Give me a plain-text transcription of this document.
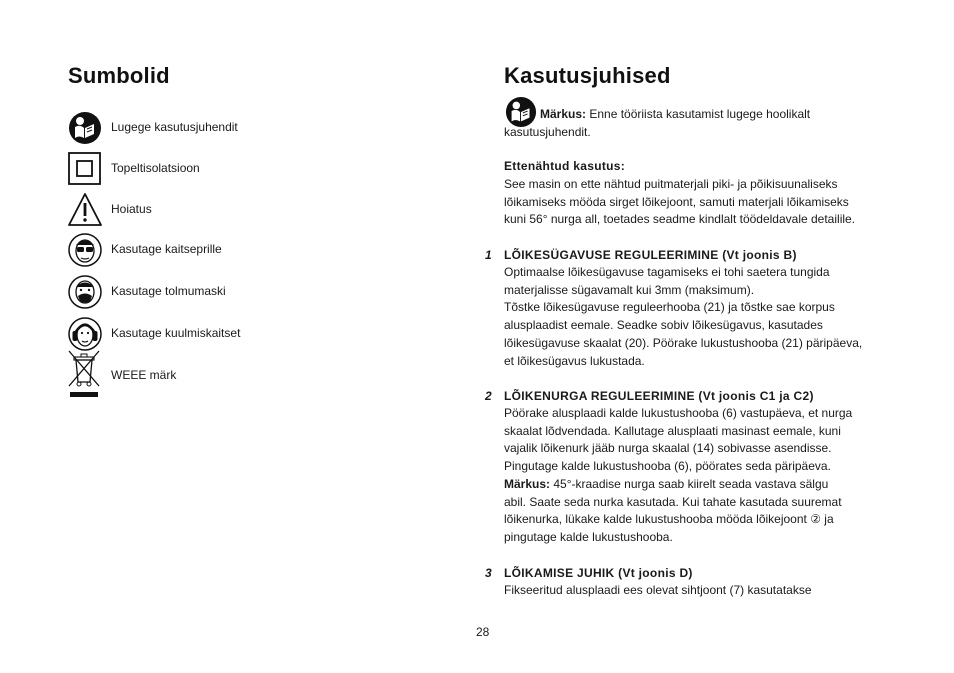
Sumbolid
Lugege kasutusjuhendit
Topeltisolatsioon
Hoiatus
Kasutage kaitseprille
Kasutage tolmumaski
Kasutage kuulmiskaitset
WEEE märk
Kasutusjuhised
Märkus: Enne tööriista kasutamist lugege hoolikalt
kasutusjuhendit.
Ettenähtud kasutus:
See masin on ette nähtud puitmaterjali piki- ja põikisuunaliseks
lõikamiseks mööda sirget lõikejoont, samuti materjali lõikamiseks
kuni 56° nurga all, toetades seadme kindlalt töödeldavale detailile.
1 LÕIKESÜGAVUSE REGULEERIMINE (Vt joonis B)
Optimaalse lõikesügavuse tagamiseks ei tohi saetera tungida
materjalisse sügavamalt kui 3mm (maksimum).
Tõstke lõikesügavuse reguleerhooba (21) ja tõstke sae korpus
alusplaadist eemale. Seadke sobiv lõikesügavus, kasutades
lõikesügavuse skaalat (20). Pöörake lukustushooba (21) päripäeva,
et lõikesügavus lukustada.
2 LÕIKENURGA REGULEERIMINE (Vt joonis C1 ja C2)
Pöörake alusplaadi kalde lukustushooba (6) vastupäeva, et nurga
skaalat lõdvendada. Kallutage alusplaati masinast eemale, kuni
vajalik lõikenurk jääb nurga skaalal (14) sobivasse asendisse.
Pingutage kalde lukustushooba (6), pöörates seda päripäeva.
Märkus: 45°-kraadise nurga saab kiirelt seada vastava sälgu
abil. Saate seda nurka kasutada. Kui tahate kasutada suuremat
lõikenurka, lükake kalde lukustushooba mööda lõikejoont ② ja
pingutage kalde lukustushooba.
3 LÕIKAMISE JUHIK (Vt joonis D)
Fikseeritud alusplaadi ees olevat sihtjoont (7) kasutatakse
28
